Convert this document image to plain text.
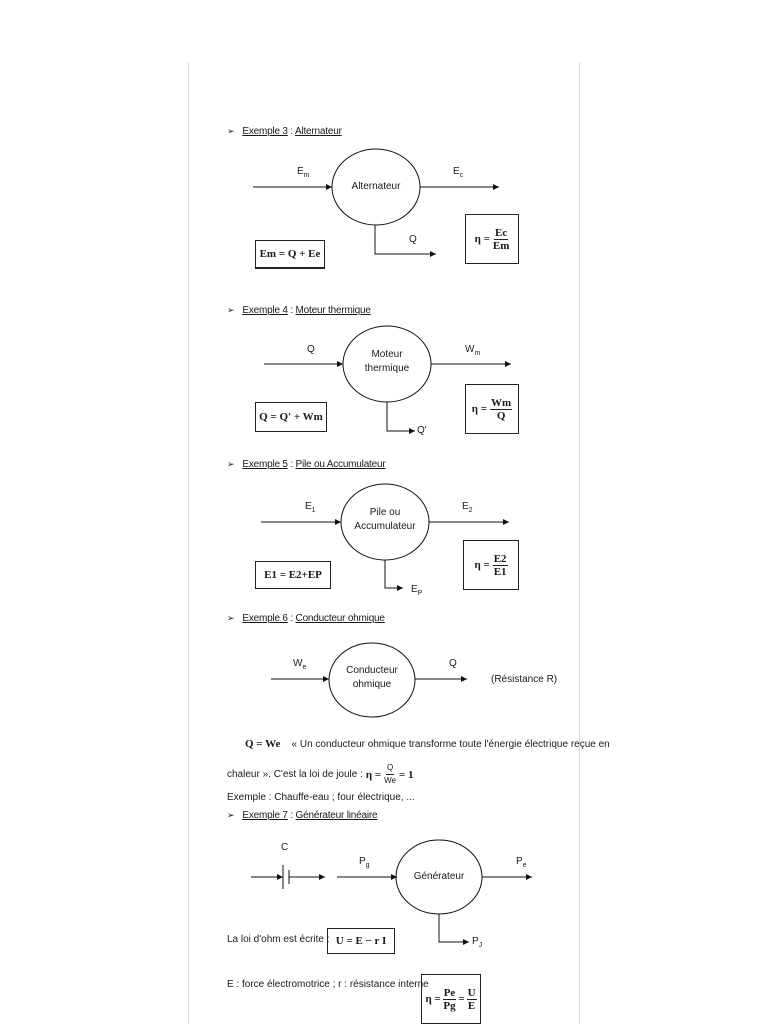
➢ Exemple 3 : Alternateur
$E_m$
Alternateur
$E_c$
Q
Em = Q + Ee
$\eta = \frac{Ec}{Em}$
➢ Exemple 4 : Moteur thermique
Q	Moteur
thermique
$W_m$
Q'
Q = Q' + Wm
$\eta = \frac{Wm}{Q}$
➢ Exemple 5 : Pile ou Accumulateur
$E_1$	Pile ou
Accumulateur
$E_2$
$E_P$
E1 = E2+EP
$\eta = \frac{E2}{E1}$
➢ Exemple 6 : Conducteur ohmique
$W_e$	Conducteur
ohmique
Q
(Résistance R)
Q = We « Un conducteur ohmique transforme toute l'énergie électrique reçue en
chaleur ». C'est la loi de joule : $\eta = \frac{Q}{We} = 1$
Exemple : Chauffe-eau ; four électrique, ...
➢ Exemple 7 : Générateur linéaire
C
$P_g$
Générateur
$P_e$
$P_J$
La loi d'ohm est écrite : U = E − r I
E : force électromotrice ; r : résistance interne
$\eta = \frac{Pe}{Pg} = \frac{U}{E}$
